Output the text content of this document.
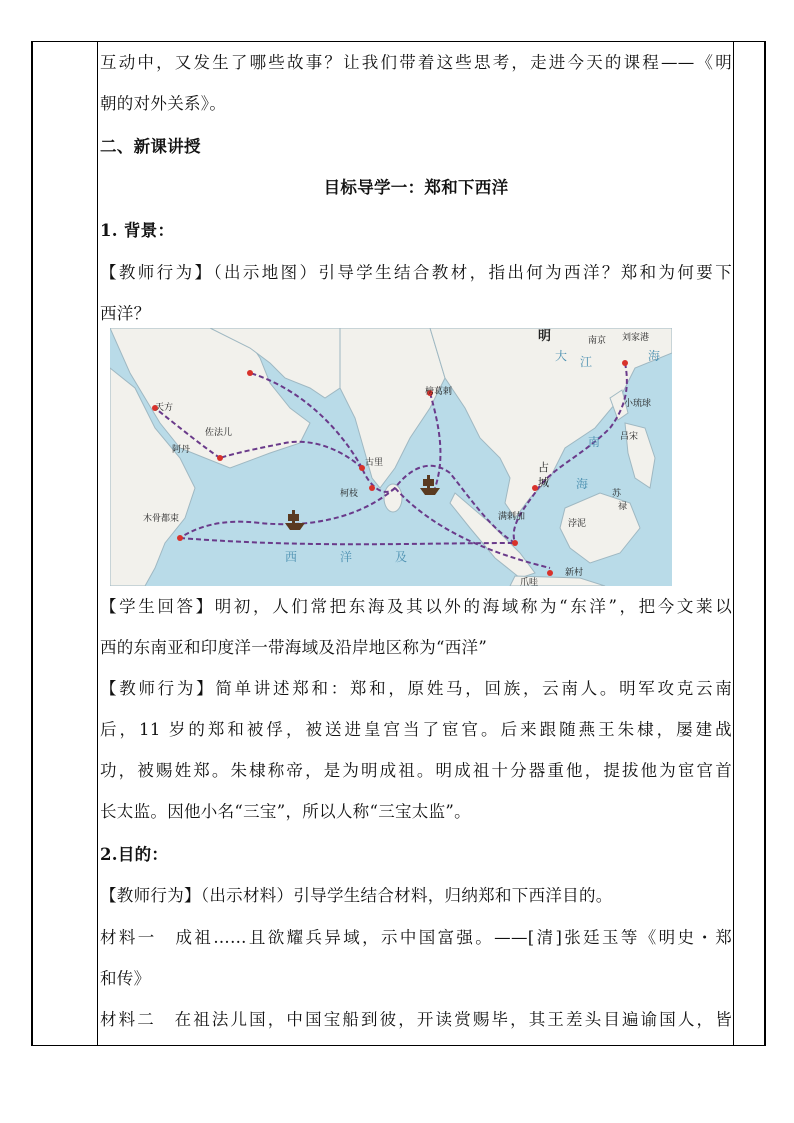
互动中，又发生了哪些故事？让我们带着这些思考，走进今天的课程——《明
朝的对外关系》。
二、新课讲授
目标导学一：郑和下西洋
1. 背景：
【教师行为】（出示地图）引导学生结合教材，指出何为西洋？郑和为何要下
西洋？
明	南京 刘家港
天方
阿丹
佐法儿
榜葛剌
古里
柯枝
木骨都束	满剌加
占
城
小琉球
吕宋
苏
禄
浡泥
爪哇
新村
西	洋	及
海
大 江
南
海
【学生回答】明初，人们常把东海及其以外的海域称为“东洋”，把今文莱以
西的东南亚和印度洋一带海域及沿岸地区称为“西洋”
【教师行为】简单讲述郑和：郑和，原姓马，回族，云南人。明军攻克云南
后，11 岁的郑和被俘，被送进皇宫当了宦官。后来跟随燕王朱棣，屡建战
功，被赐姓郑。朱棣称帝，是为明成祖。明成祖十分器重他，提拔他为宦官首
长太监。因他小名“三宝”，所以人称“三宝太监”。
2.目的：
【教师行为】（出示材料）引导学生结合材料，归纳郑和下西洋目的。
材料一　成祖……且欲耀兵异域，示中国富强。——[清]张廷玉等《明史・郑
和传》
材料二　在祖法儿国，中国宝船到彼，开读赏赐毕，其王差头目遍谕国人，皆
